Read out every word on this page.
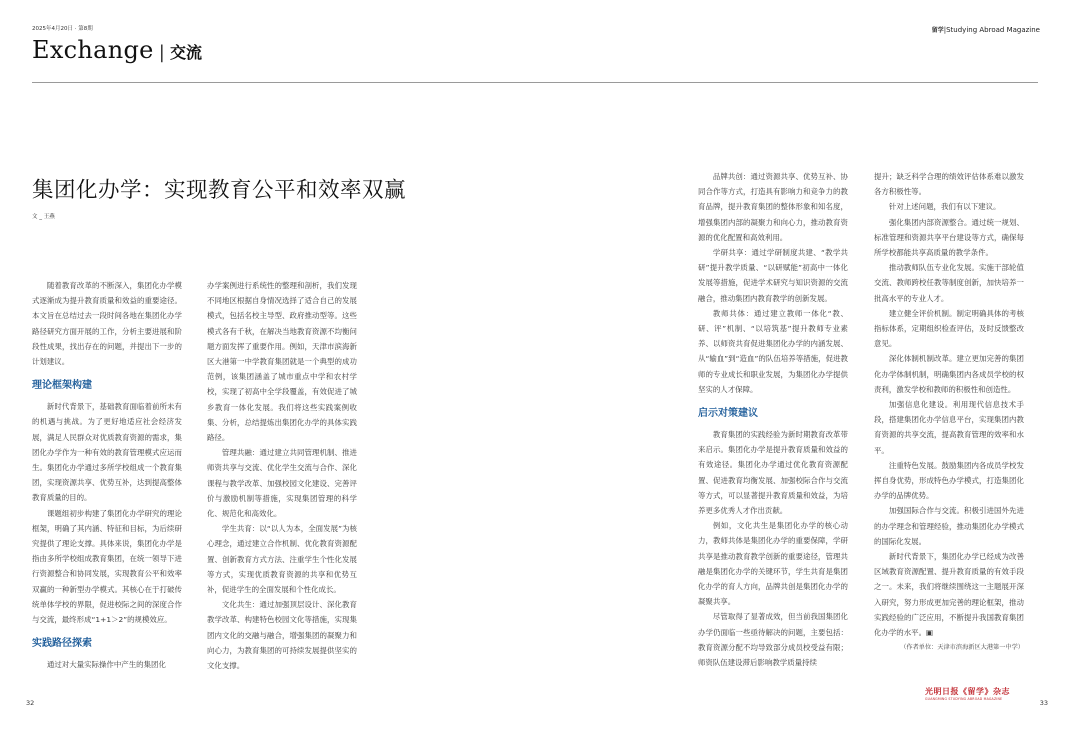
2025年4月20日 · 第8期
Exchange | 交流
留学|Studying Abroad Magazine
集团化办学：实现教育公平和效率双赢
文 _ 王燕

随着教育改革的不断深入，集团化办学模式逐渐成为提升教育质量和效益的重要途径。本文旨在总结过去一段时间各地在集团化办学路径研究方面开展的工作，分析主要进展和阶段性成果，找出存在的问题，并提出下一步的计划建议。

理论框架构建

新时代背景下，基础教育面临着前所未有的机遇与挑战。为了更好地适应社会经济发展，满足人民群众对优质教育资源的需求，集团化办学作为一种有效的教育管理模式应运而生。集团化办学通过多所学校组成一个教育集团，实现资源共享、优势互补，达到提高整体教育质量的目的。

课题组初步构建了集团化办学研究的理论框架，明确了其内涵、特征和目标，为后续研究提供了理论支撑。具体来说，集团化办学是指由多所学校组成教育集团，在统一领导下进行资源整合和协同发展，实现教育公平和效率双赢的一种新型办学模式。其核心在于打破传统单体学校的界限，促进校际之间的深度合作与交流，最终形成“1+1＞2”的规模效应。

实践路径探索

通过对大量实际操作中产生的集团化

办学案例进行系统性的整理和剖析，我们发现不同地区根据自身情况选择了适合自己的发展模式，包括名校主导型、政府推动型等。这些模式各有千秋，在解决当地教育资源不均衡问题方面发挥了重要作用。例如，天津市滨海新区大港第一中学教育集团就是一个典型的成功范例，该集团涵盖了城市重点中学和农村学校，实现了初高中全学段覆盖，有效促进了城乡教育一体化发展。我们将这些实践案例收集、分析，总结提炼出集团化办学的具体实践路径。

管理共融：通过建立共同管理机制、推进师资共享与交流、优化学生交流与合作、深化课程与教学改革、加强校园文化建设、完善评价与激励机制等措施，实现集团管理的科学化、规范化和高效化。

学生共育：以“以人为本，全面发展”为核心理念，通过建立合作机制、优化教育资源配置、创新教育方式方法、注重学生个性化发展等方式，实现优质教育资源的共享和优势互补，促进学生的全面发展和个性化成长。

文化共生：通过加强顶层设计、深化教育教学改革、构建特色校园文化等措施，实现集团内文化的交融与融合，增强集团的凝聚力和向心力，为教育集团的可持续发展提供坚实的文化支撑。

品牌共创：通过资源共享、优势互补、协同合作等方式，打造具有影响力和竞争力的教育品牌，提升教育集团的整体形象和知名度，增强集团内部的凝聚力和向心力，推动教育资源的优化配置和高效利用。

学研共享：通过学研制度共建、“教学共研”提升教学质量、“以研赋能”初高中一体化发展等措施，促进学术研究与知识资源的交流融合，推动集团内教育教学的创新发展。

教师共体：通过建立教师一体化“教、研、评”机制、“以培筑基”提升教师专业素养、以师资共育促进集团化办学的内涵发展、从“输血”到“造血”的队伍培养等措施，促进教师的专业成长和职业发展，为集团化办学提供坚实的人才保障。

启示对策建议

教育集团的实践经验为新时期教育改革带来启示。集团化办学是提升教育质量和效益的有效途径。集团化办学通过优化教育资源配置、促进教育均衡发展、加强校际合作与交流等方式，可以显著提升教育质量和效益，为培养更多优秀人才作出贡献。

例如，文化共生是集团化办学的核心动力，教师共体是集团化办学的重要保障，学研共享是推动教育教学创新的重要途径，管理共融是集团化办学的关键环节，学生共育是集团化办学的育人方向，品牌共创是集团化办学的凝聚共享。

尽管取得了显著成效，但当前我国集团化办学仍面临一些亟待解决的问题，主要包括：教育资源分配不均导致部分成员校受益有限；师资队伍建设滞后影响教学质量持续

提升；缺乏科学合理的绩效评估体系难以激发各方积极性等。

针对上述问题，我们有以下建议。

强化集团内部资源整合。通过统一规划、标准管理和资源共享平台建设等方式，确保每所学校都能共享高质量的教学条件。

推动教师队伍专业化发展。实施干部轮值交流、教师跨校任教等制度创新，加快培养一批高水平的专业人才。

建立健全评价机制。制定明确具体的考核指标体系，定期组织检查评估，及时反馈整改意见。

深化体制机制改革。建立更加完善的集团化办学体制机制，明确集团内各成员学校的权责利，激发学校和教师的积极性和创造性。

加强信息化建设。利用现代信息技术手段，搭建集团化办学信息平台，实现集团内教育资源的共享交流，提高教育管理的效率和水平。

注重特色发展。鼓励集团内各成员学校发挥自身优势，形成特色办学模式，打造集团化办学的品牌优势。

加强国际合作与交流。积极引进国外先进的办学理念和管理经验，推动集团化办学模式的国际化发展。

新时代背景下，集团化办学已经成为改善区域教育资源配置、提升教育质量的有效手段之一。未来，我们将继续围绕这一主题展开深入研究，努力形成更加完善的理论框架，推动实践经验的广泛应用，不断提升我国教育集团化办学的水平。▣

（作者单位：天津市滨海新区大港第一中学）

32	33
光明日报《留学》杂志
GUANGMING STUDYING ABROAD MAGAZINE
